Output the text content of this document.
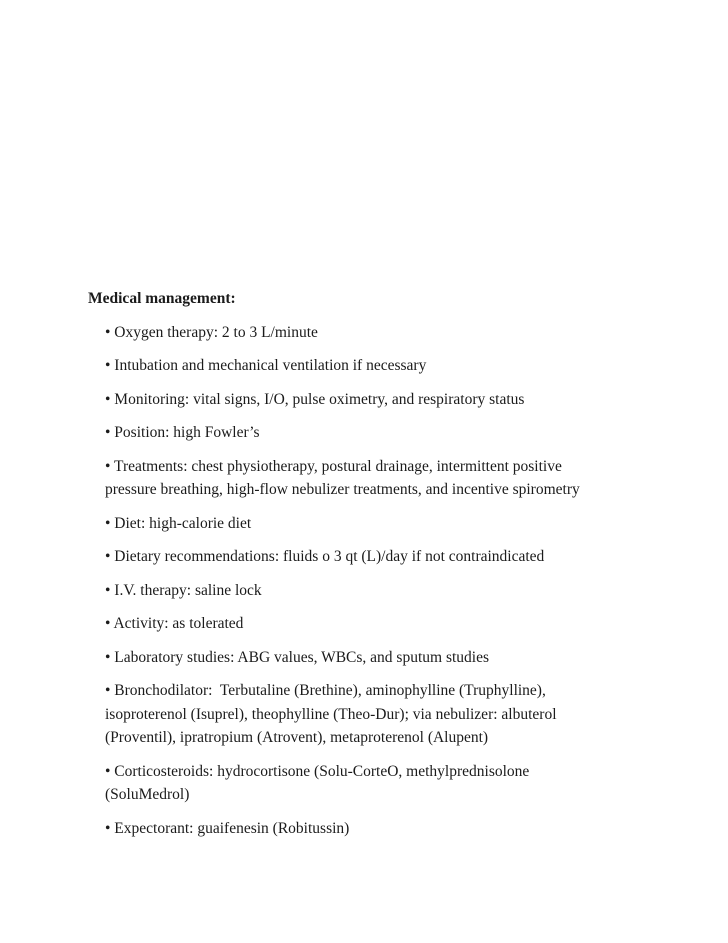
Medical management:
• Oxygen therapy: 2 to 3 L/minute
• Intubation and mechanical ventilation if necessary
• Monitoring: vital signs, I/O, pulse oximetry, and respiratory status
• Position: high Fowler’s
• Treatments: chest physiotherapy, postural drainage, intermittent positive
pressure breathing, high-flow nebulizer treatments, and incentive spirometry
• Diet: high-calorie diet
• Dietary recommendations: fluids o 3 qt (L)/day if not contraindicated
• I.V. therapy: saline lock
• Activity: as tolerated
• Laboratory studies: ABG values, WBCs, and sputum studies
• Bronchodilator:  Terbutaline (Brethine), aminophylline (Truphylline),
isoproterenol (Isuprel), theophylline (Theo-Dur); via nebulizer: albuterol
(Proventil), ipratropium (Atrovent), metaproterenol (Alupent)
• Corticosteroids: hydrocortisone (Solu-CorteO, methylprednisolone
(SoluMedrol)
• Expectorant: guaifenesin (Robitussin)
